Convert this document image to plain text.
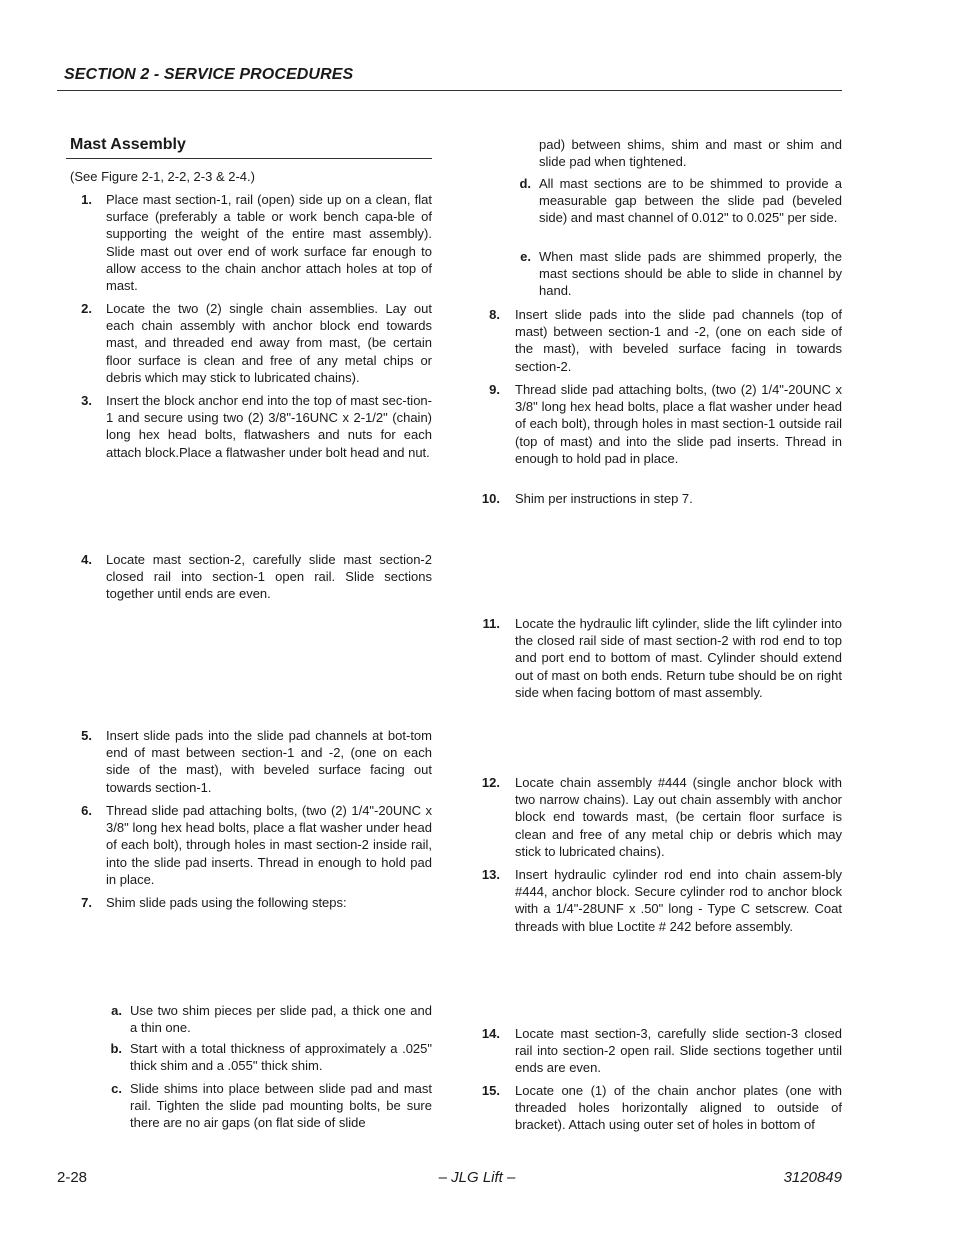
SECTION 2 - SERVICE PROCEDURES
Mast Assembly
(See Figure 2-1, 2-2, 2-3 & 2-4.)
1. Place mast section-1, rail (open) side up on a clean, flat surface (preferably a table or work bench capa-ble of supporting the weight of the entire mast assembly). Slide mast out over end of work surface far enough to allow access to the chain anchor attach holes at top of mast.
2. Locate the two (2) single chain assemblies. Lay out each chain assembly with anchor block end towards mast, and threaded end away from mast, (be certain floor surface is clean and free of any metal chips or debris which may stick to lubricated chains).
3. Insert the block anchor end into the top of mast sec-tion-1 and secure using two (2) 3/8"-16UNC x 2-1/2" (chain) long hex head bolts, flatwashers and nuts for each attach block.Place a flatwasher under bolt head and nut.
4. Locate mast section-2, carefully slide mast section-2 closed rail into section-1 open rail. Slide sections together until ends are even.
5. Insert slide pads into the slide pad channels at bot-tom end of mast between section-1 and -2, (one on each side of the mast), with beveled surface facing out towards section-1.
6. Thread slide pad attaching bolts, (two (2) 1/4"-20UNC x 3/8" long hex head bolts, place a flat washer under head of each bolt), through holes in mast section-2 inside rail, into the slide pad inserts. Thread in enough to hold pad in place.
7. Shim slide pads using the following steps:
a. Use two shim pieces per slide pad, a thick one and a thin one.
b. Start with a total thickness of approximately a .025" thick shim and a .055" thick shim.
c. Slide shims into place between slide pad and mast rail. Tighten the slide pad mounting bolts, be sure there are no air gaps (on flat side of slide
pad) between shims, shim and mast or shim and slide pad when tightened.
d. All mast sections are to be shimmed to provide a measurable gap between the slide pad (beveled side) and mast channel of 0.012" to 0.025" per side.
e. When mast slide pads are shimmed properly, the mast sections should be able to slide in channel by hand.
8. Insert slide pads into the slide pad channels (top of mast) between section-1 and -2, (one on each side of the mast), with beveled surface facing in towards section-2.
9. Thread slide pad attaching bolts, (two (2) 1/4"-20UNC x 3/8" long hex head bolts, place a flat washer under head of each bolt), through holes in mast section-1 outside rail (top of mast) and into the slide pad inserts. Thread in enough to hold pad in place.
10. Shim per instructions in step 7.
11. Locate the hydraulic lift cylinder, slide the lift cylinder into the closed rail side of mast section-2 with rod end to top and port end to bottom of mast. Cylinder should extend out of mast on both ends. Return tube should be on right side when facing bottom of mast assembly.
12. Locate chain assembly #444 (single anchor block with two narrow chains). Lay out chain assembly with anchor block end towards mast, (be certain floor surface is clean and free of any metal chip or debris which may stick to lubricated chains).
13. Insert hydraulic cylinder rod end into chain assem-bly #444, anchor block. Secure cylinder rod to anchor block with a 1/4"-28UNF x .50" long - Type C setscrew. Coat threads with blue Loctite # 242 before assembly.
14. Locate mast section-3, carefully slide section-3 closed rail into section-2 open rail. Slide sections together until ends are even.
15. Locate one (1) of the chain anchor plates (one with threaded holes horizontally aligned to outside of bracket). Attach using outer set of holes in bottom of
2-28	– JLG Lift –	3120849
